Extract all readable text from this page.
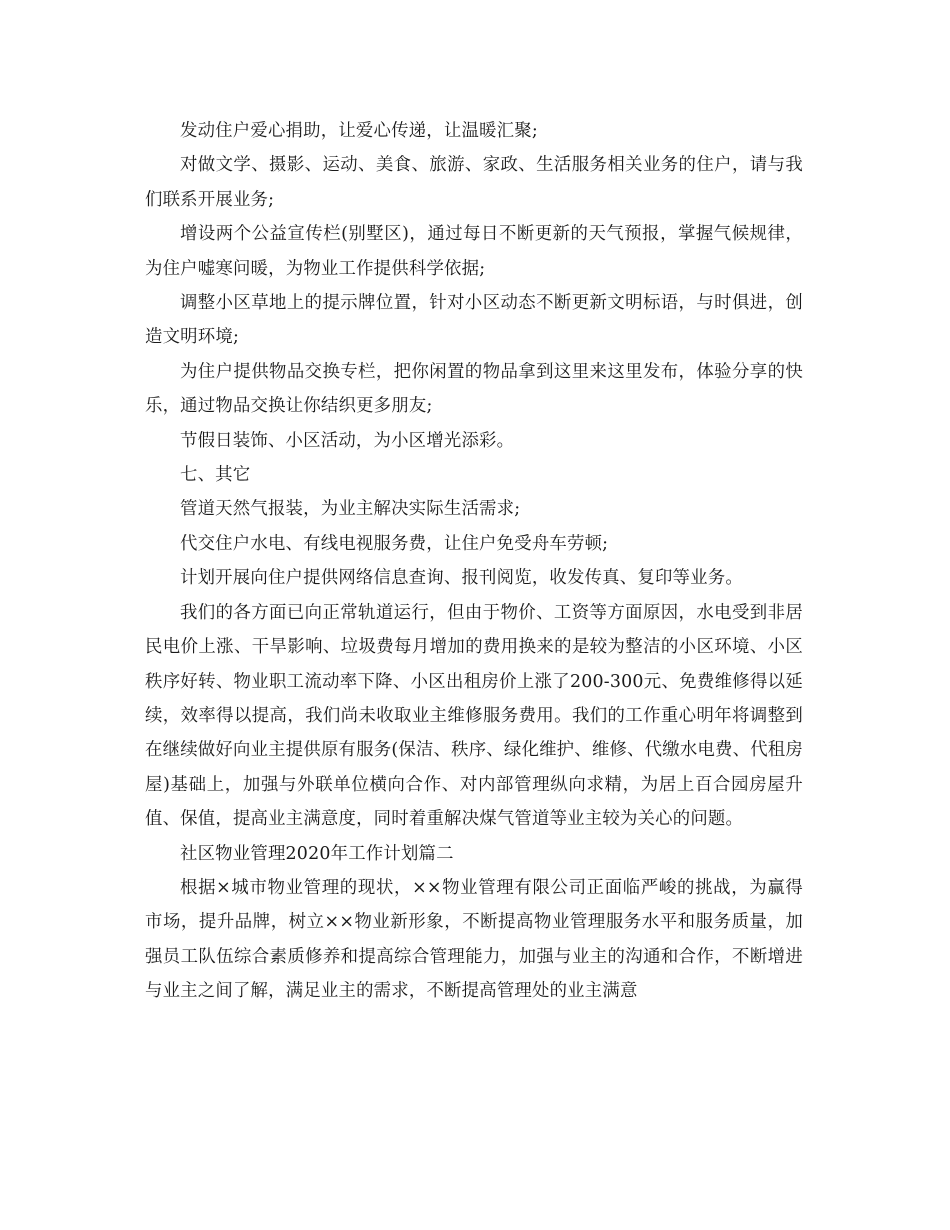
发动住户爱心捐助，让爱心传递，让温暖汇聚;

对做文学、摄影、运动、美食、旅游、家政、生活服务相关业务的住户，请与我们联系开展业务;

增设两个公益宣传栏(别墅区)，通过每日不断更新的天气预报，掌握气候规律，为住户嘘寒问暖，为物业工作提供科学依据;

调整小区草地上的提示牌位置，针对小区动态不断更新文明标语，与时俱进，创造文明环境;

为住户提供物品交换专栏，把你闲置的物品拿到这里来这里发布，体验分享的快乐，通过物品交换让你结织更多朋友;

节假日装饰、小区活动，为小区增光添彩。

七、其它

管道天然气报装，为业主解决实际生活需求;

代交住户水电、有线电视服务费，让住户免受舟车劳顿;

计划开展向住户提供网络信息查询、报刊阅览，收发传真、复印等业务。

我们的各方面已向正常轨道运行，但由于物价、工资等方面原因，水电受到非居民电价上涨、干旱影响、垃圾费每月增加的费用换来的是较为整洁的小区环境、小区秩序好转、物业职工流动率下降、小区出租房价上涨了200-300元、免费维修得以延续，效率得以提高，我们尚未收取业主维修服务费用。我们的工作重心明年将调整到在继续做好向业主提供原有服务(保洁、秩序、绿化维护、维修、代缴水电费、代租房屋)基础上，加强与外联单位横向合作、对内部管理纵向求精，为居上百合园房屋升值、保值，提高业主满意度，同时着重解决煤气管道等业主较为关心的问题。

社区物业管理2020年工作计划篇二

根据×城市物业管理的现状，××物业管理有限公司正面临严峻的挑战，为赢得市场，提升品牌，树立××物业新形象，不断提高物业管理服务水平和服务质量，加强员工队伍综合素质修养和提高综合管理能力，加强与业主的沟通和合作，不断增进与业主之间了解，满足业主的需求，不断提高管理处的业主满意
